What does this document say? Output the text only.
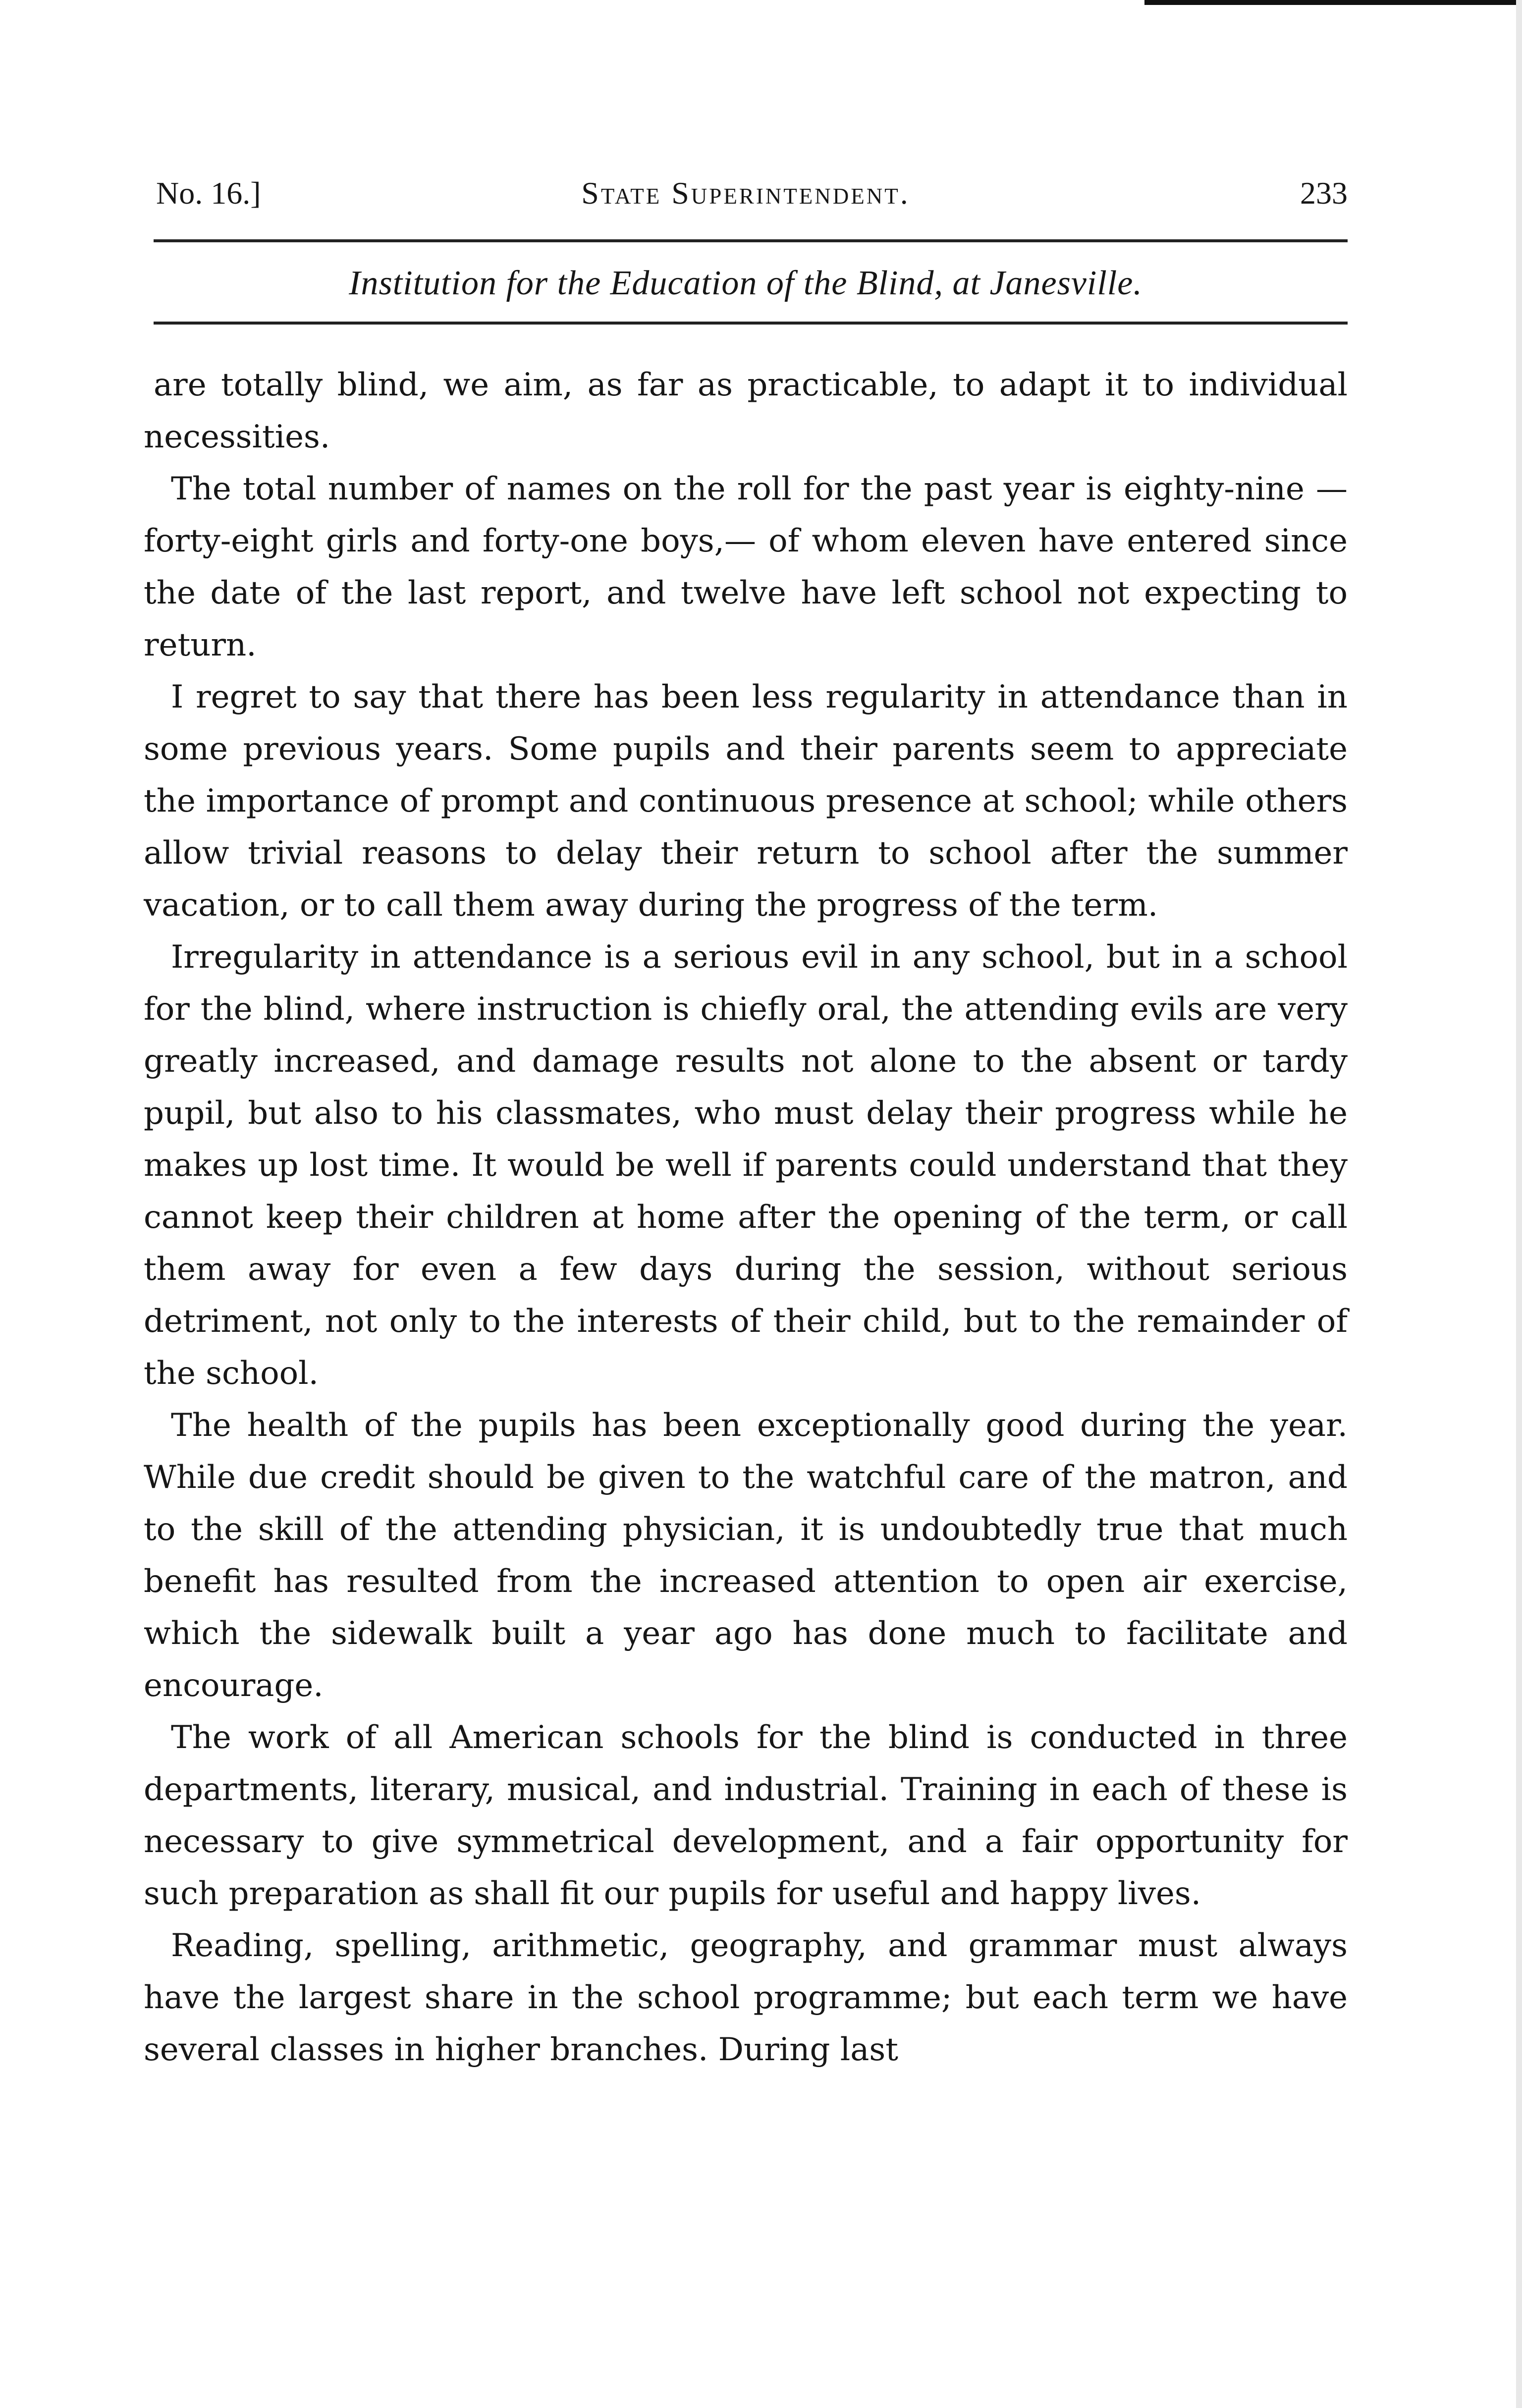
No. 16.]	State Superintendent.	233
Institution for the Education of the Blind, at Janesville.

are totally blind, we aim, as far as practicable, to adapt it to individual necessities.

The total number of names on the roll for the past year is eighty-nine — forty-eight girls and forty-one boys,— of whom eleven have entered since the date of the last report, and twelve have left school not expecting to return.

I regret to say that there has been less regularity in attendance than in some previous years. Some pupils and their parents seem to appreciate the importance of prompt and continuous presence at school; while others allow trivial reasons to delay their return to school after the summer vacation, or to call them away during the progress of the term.

Irregularity in attendance is a serious evil in any school, but in a school for the blind, where instruction is chiefly oral, the attending evils are very greatly increased, and damage results not alone to the absent or tardy pupil, but also to his classmates, who must delay their progress while he makes up lost time. It would be well if parents could understand that they cannot keep their children at home after the opening of the term, or call them away for even a few days during the session, without serious detriment, not only to the interests of their child, but to the remainder of the school.

The health of the pupils has been exceptionally good during the year. While due credit should be given to the watchful care of the matron, and to the skill of the attending physician, it is undoubtedly true that much benefit has resulted from the increased attention to open air exercise, which the sidewalk built a year ago has done much to facilitate and encourage.

The work of all American schools for the blind is conducted in three departments, literary, musical, and industrial. Training in each of these is necessary to give symmetrical development, and a fair opportunity for such preparation as shall fit our pupils for useful and happy lives.

Reading, spelling, arithmetic, geography, and grammar must always have the largest share in the school programme; but each term we have several classes in higher branches. During last
